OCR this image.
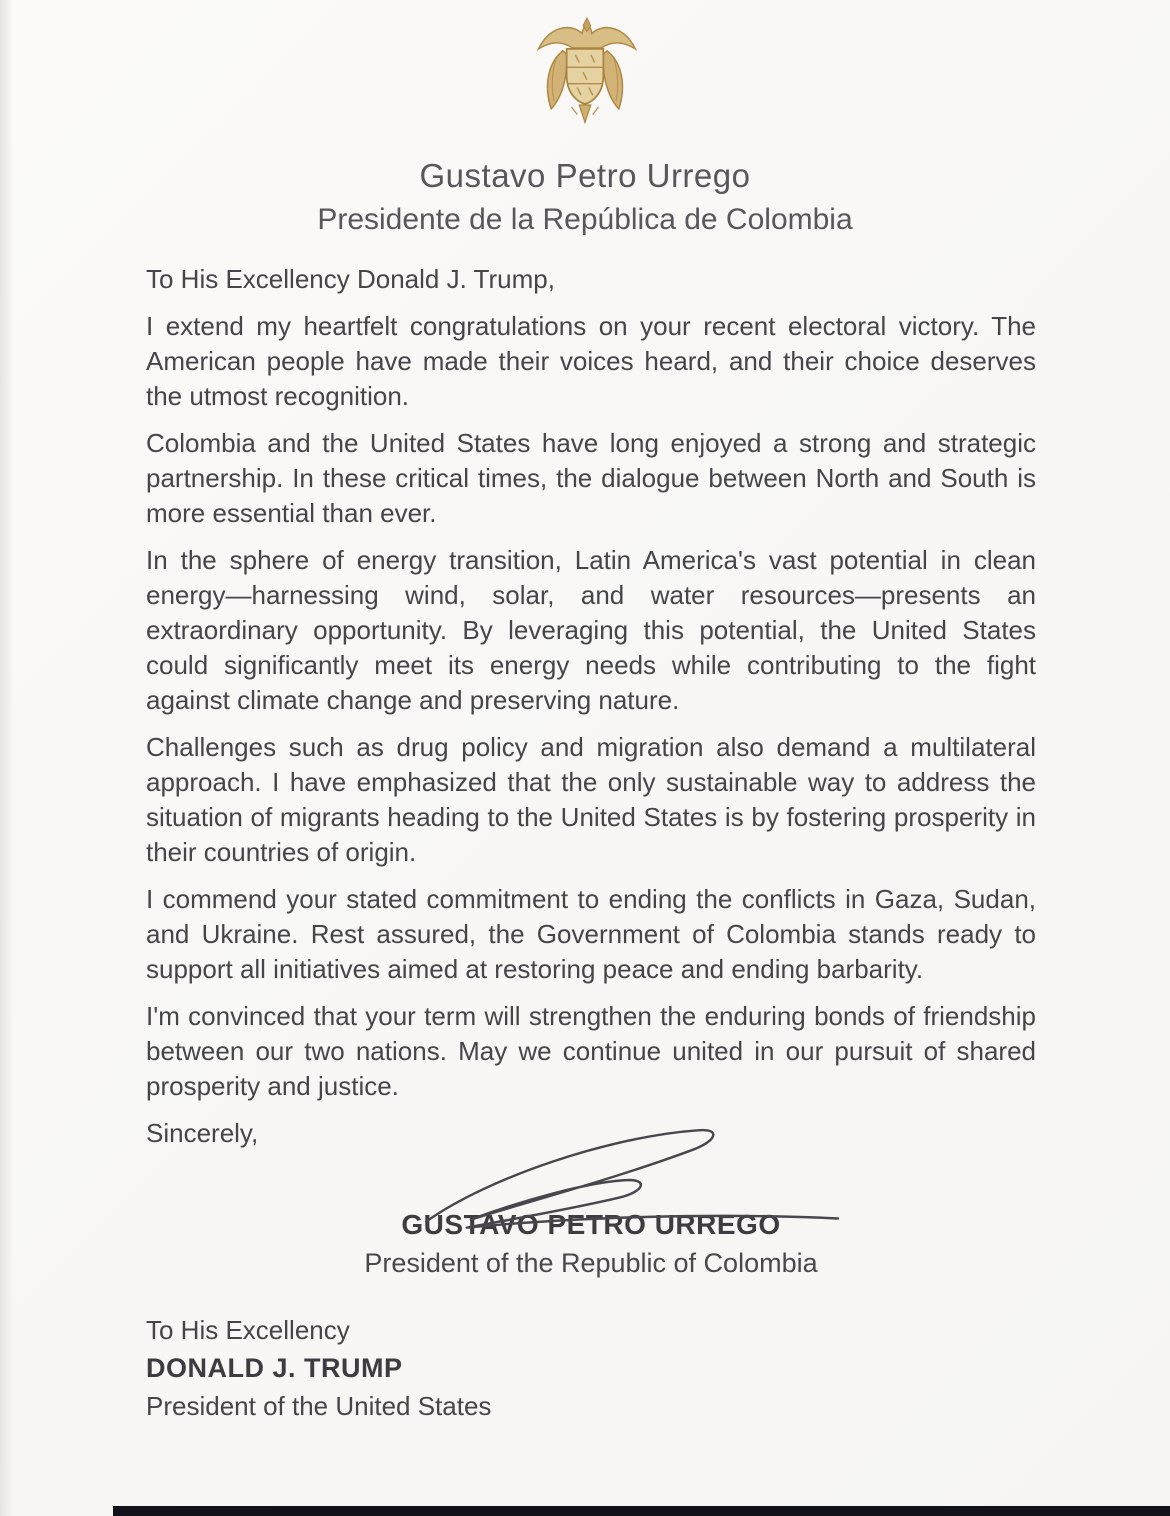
Gustavo Petro Urrego
Presidente de la República de Colombia

To His Excellency Donald J. Trump,

I extend my heartfelt congratulations on your recent electoral victory. The American people have made their voices heard, and their choice deserves the utmost recognition.

Colombia and the United States have long enjoyed a strong and strategic partnership. In these critical times, the dialogue between North and South is more essential than ever.

In the sphere of energy transition, Latin America's vast potential in clean energy—harnessing wind, solar, and water resources—presents an extraordinary opportunity. By leveraging this potential, the United States could significantly meet its energy needs while contributing to the fight against climate change and preserving nature.

Challenges such as drug policy and migration also demand a multilateral approach. I have emphasized that the only sustainable way to address the situation of migrants heading to the United States is by fostering prosperity in their countries of origin.

I commend your stated commitment to ending the conflicts in Gaza, Sudan, and Ukraine. Rest assured, the Government of Colombia stands ready to support all initiatives aimed at restoring peace and ending barbarity.

I'm convinced that your term will strengthen the enduring bonds of friendship between our two nations. May we continue united in our pursuit of shared prosperity and justice.

Sincerely,

GUSTAVO PETRO URREGO
President of the Republic of Colombia
To His Excellency
DONALD J. TRUMP
President of the United States
